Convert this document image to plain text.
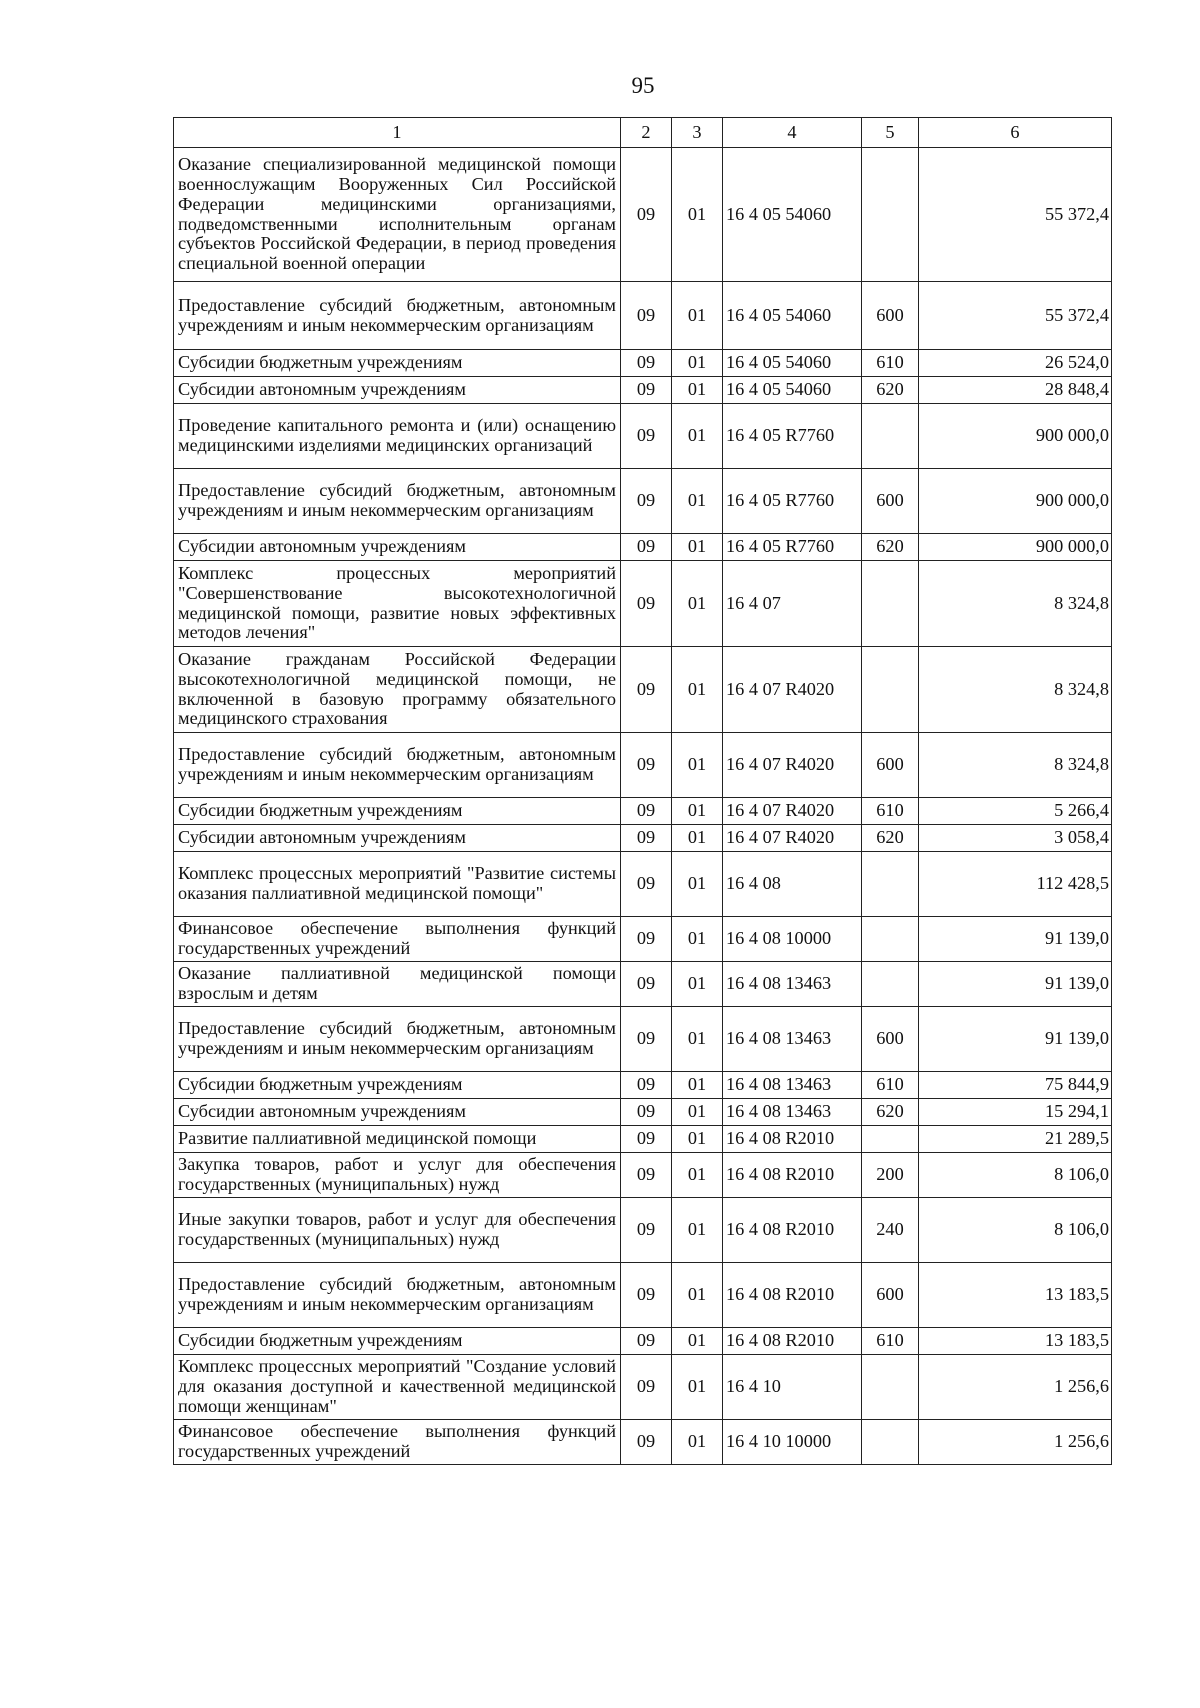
95
1	2	3	4	5	6
Оказание специализированной медицинской помощи военнослужащим Вооруженных Сил Российской Федерации медицинскими организациями, подведомственными исполнительным органам субъектов Российской Федерации, в период проведения специальной военной операции	09	01	16 4 05 54060		55 372,4
Предоставление субсидий бюджетным, автономным учреждениям и иным некоммерческим организациям	09	01	16 4 05 54060	600	55 372,4
Субсидии бюджетным учреждениям	09	01	16 4 05 54060	610	26 524,0
Субсидии автономным учреждениям	09	01	16 4 05 54060	620	28 848,4
Проведение капитального ремонта и (или) оснащению медицинскими изделиями медицинских организаций	09	01	16 4 05 R7760		900 000,0
Предоставление субсидий бюджетным, автономным учреждениям и иным некоммерческим организациям	09	01	16 4 05 R7760	600	900 000,0
Субсидии автономным учреждениям	09	01	16 4 05 R7760	620	900 000,0
Комплекс процессных мероприятий "Совершенствование высокотехнологичной медицинской помощи, развитие новых эффективных методов лечения"	09	01	16 4 07		8 324,8
Оказание гражданам Российской Федерации высокотехнологичной медицинской помощи, не включенной в базовую программу обязательного медицинского страхования	09	01	16 4 07 R4020		8 324,8
Предоставление субсидий бюджетным, автономным учреждениям и иным некоммерческим организациям	09	01	16 4 07 R4020	600	8 324,8
Субсидии бюджетным учреждениям	09	01	16 4 07 R4020	610	5 266,4
Субсидии автономным учреждениям	09	01	16 4 07 R4020	620	3 058,4
Комплекс процессных мероприятий "Развитие системы оказания паллиативной медицинской помощи"	09	01	16 4 08		112 428,5
Финансовое обеспечение выполнения функций государственных учреждений	09	01	16 4 08 10000		91 139,0
Оказание паллиативной медицинской помощи взрослым и детям	09	01	16 4 08 13463		91 139,0
Предоставление субсидий бюджетным, автономным учреждениям и иным некоммерческим организациям	09	01	16 4 08 13463	600	91 139,0
Субсидии бюджетным учреждениям	09	01	16 4 08 13463	610	75 844,9
Субсидии автономным учреждениям	09	01	16 4 08 13463	620	15 294,1
Развитие паллиативной медицинской помощи	09	01	16 4 08 R2010		21 289,5
Закупка товаров, работ и услуг для обеспечения государственных (муниципальных) нужд	09	01	16 4 08 R2010	200	8 106,0
Иные закупки товаров, работ и услуг для обеспечения государственных (муниципальных) нужд	09	01	16 4 08 R2010	240	8 106,0
Предоставление субсидий бюджетным, автономным учреждениям и иным некоммерческим организациям	09	01	16 4 08 R2010	600	13 183,5
Субсидии бюджетным учреждениям	09	01	16 4 08 R2010	610	13 183,5
Комплекс процессных мероприятий "Создание условий для оказания доступной и качественной медицинской помощи женщинам"	09	01	16 4 10		1 256,6
Финансовое обеспечение выполнения функций государственных учреждений	09	01	16 4 10 10000		1 256,6
